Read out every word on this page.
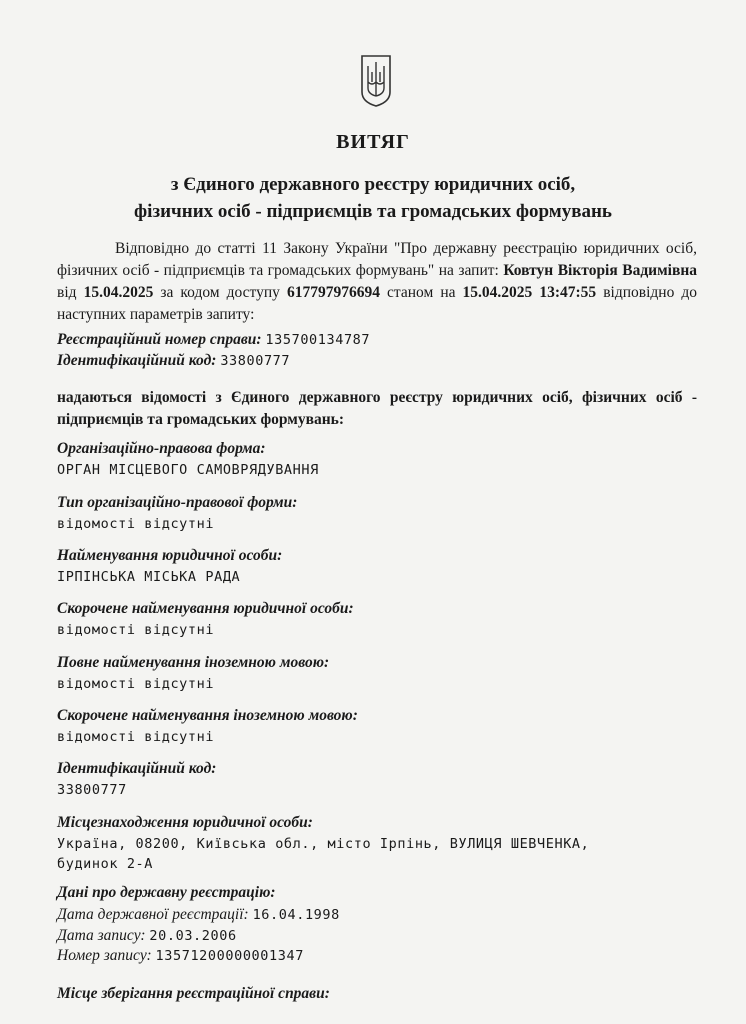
ВИТЯГ
з Єдиного державного реєстру юридичних осіб,
фізичних осіб - підприємців та громадських формувань
Відповідно до статті 11 Закону України "Про державну реєстрацію юридичних осіб, фізичних осіб - підприємців та громадських формувань" на запит: Ковтун Вікторія Вадимівна від 15.04.2025 за кодом доступу 617797976694 станом на 15.04.2025 13:47:55 відповідно до наступних параметрів запиту:
Реєстраційний номер справи: 135700134787
Ідентифікаційний код: 33800777
надаються відомості з Єдиного державного реєстру юридичних осіб, фізичних осіб - підприємців та громадських формувань:
Організаційно-правова форма:
ОРГАН МІСЦЕВОГО САМОВРЯДУВАННЯ
Тип організаційно-правової форми:
відомості відсутні
Найменування юридичної особи:
ІРПІНСЬКА МІСЬКА РАДА
Скорочене найменування юридичної особи:
відомості відсутні
Повне найменування іноземною мовою:
відомості відсутні
Скорочене найменування іноземною мовою:
відомості відсутні
Ідентифікаційний код:
33800777
Місцезнаходження юридичної особи:
Україна, 08200, Київська обл., місто Ірпінь, ВУЛИЦЯ ШЕВЧЕНКА,
будинок 2-А
Дані про державну реєстрацію:
Дата державної реєстрації: 16.04.1998
Дата запису: 20.03.2006
Номер запису: 13571200000001347
Місце зберігання реєстраційної справи:
